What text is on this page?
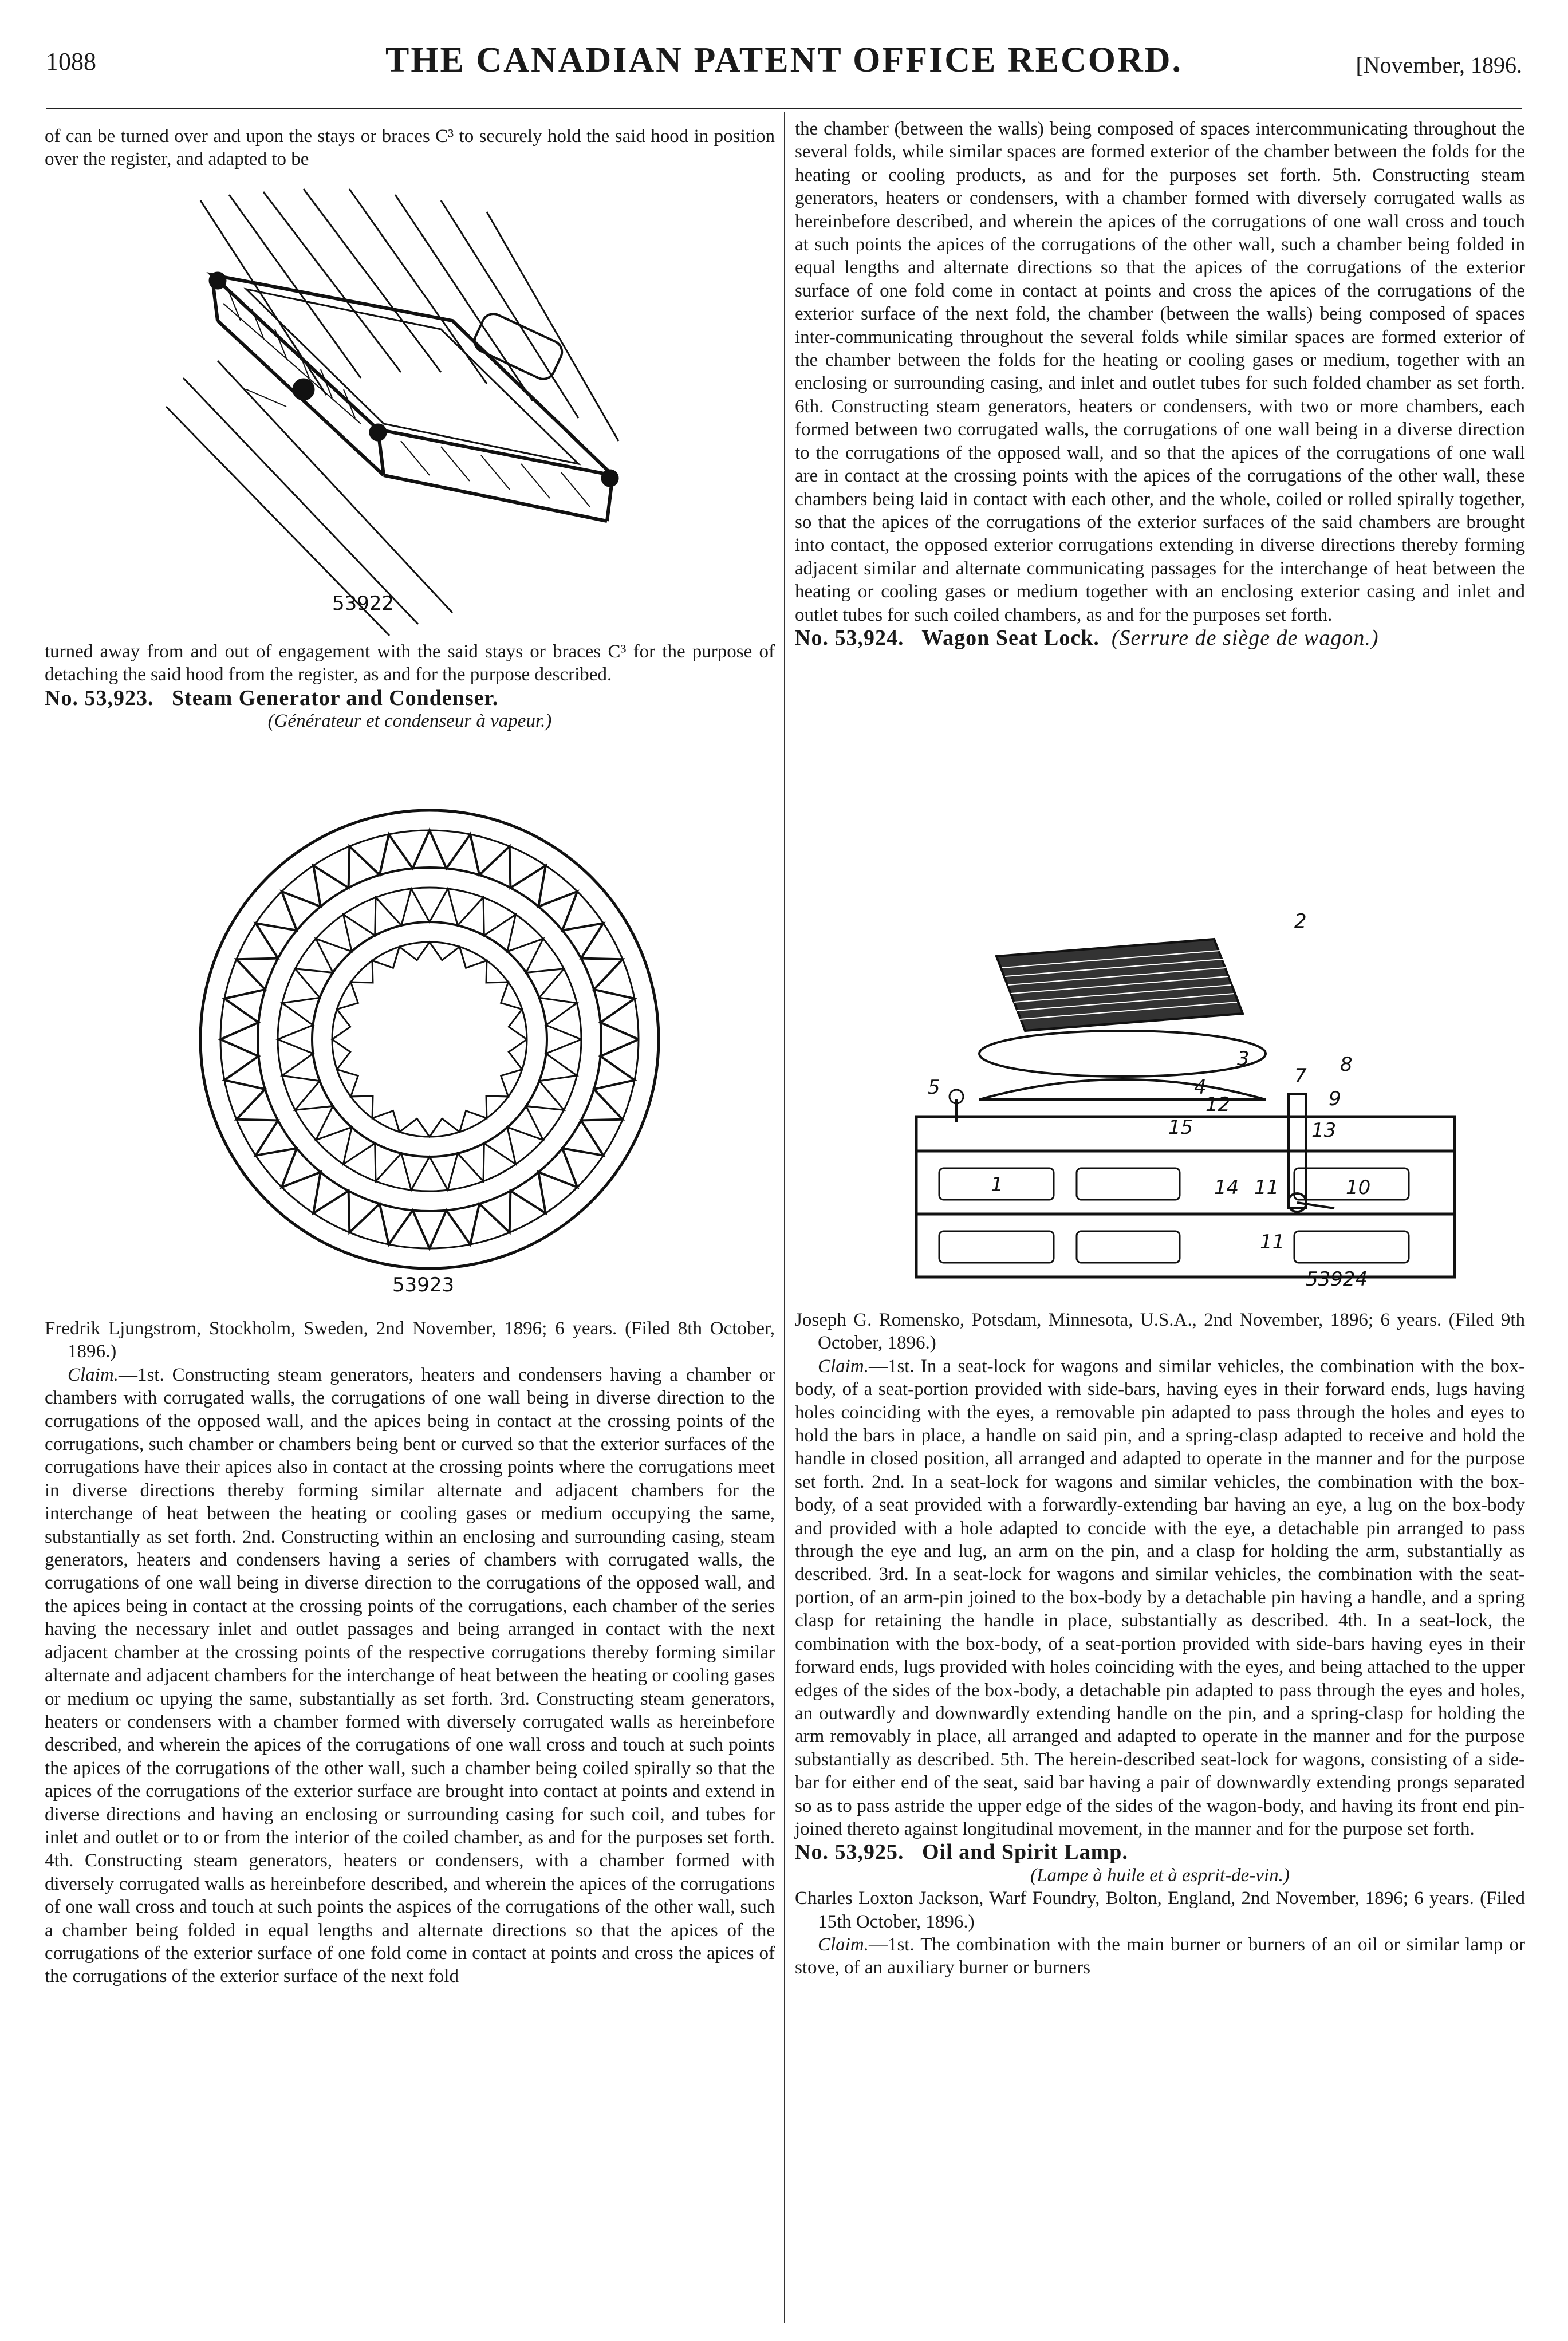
1088	THE CANADIAN PATENT OFFICE RECORD.	[November, 1896.

of can be turned over and upon the stays or braces C³ to securely hold the said hood in position over the register, and adapted to be

53922

turned away from and out of engagement with the said stays or braces C³ for the purpose of detaching the said hood from the register, as and for the purpose described.

No. 53,923. Steam Generator and Condenser.

(Générateur et condenseur à vapeur.)

53923

Fredrik Ljungstrom, Stockholm, Sweden, 2nd November, 1896; 6 years. (Filed 8th October, 1896.)

Claim.—1st. Constructing steam generators, heaters and condensers having a chamber or chambers with corrugated walls, the corrugations of one wall being in diverse direction to the corrugations of the opposed wall, and the apices being in contact at the crossing points of the corrugations, such chamber or chambers being bent or curved so that the exterior surfaces of the corrugations have their apices also in contact at the crossing points where the corrugations meet in diverse directions thereby forming similar alternate and adjacent chambers for the interchange of heat between the heating or cooling gases or medium occupying the same, substantially as set forth. 2nd. Constructing within an enclosing and surrounding casing, steam generators, heaters and condensers having a series of chambers with corrugated walls, the corrugations of one wall being in diverse direction to the corrugations of the opposed wall, and the apices being in contact at the crossing points of the corrugations, each chamber of the series having the necessary inlet and outlet passages and being arranged in contact with the next adjacent chamber at the crossing points of the respective corrugations thereby forming similar alternate and adjacent chambers for the interchange of heat between the heating or cooling gases or medium oc upying the same, substantially as set forth. 3rd. Constructing steam generators, heaters or condensers with a chamber formed with diversely corrugated walls as hereinbefore described, and wherein the apices of the corrugations of one wall cross and touch at such points the apices of the corrugations of the other wall, such a chamber being coiled spirally so that the apices of the corrugations of the exterior surface are brought into contact at points and extend in diverse directions and having an enclosing or surrounding casing for such coil, and tubes for inlet and outlet or to or from the interior of the coiled chamber, as and for the purposes set forth. 4th. Constructing steam generators, heaters or condensers, with a chamber formed with diversely corrugated walls as hereinbefore described, and wherein the apices of the corrugations of one wall cross and touch at such points the aspices of the corrugations of the other wall, such a chamber being folded in equal lengths and alternate directions so that the apices of the corrugations of the exterior surface of one fold come in contact at points and cross the apices of the corrugations of the exterior surface of the next fold

the chamber (between the walls) being composed of spaces intercommunicating throughout the several folds, while similar spaces are formed exterior of the chamber between the folds for the heating or cooling products, as and for the purposes set forth. 5th. Constructing steam generators, heaters or condensers, with a chamber formed with diversely corrugated walls as hereinbefore described, and wherein the apices of the corrugations of one wall cross and touch at such points the apices of the corrugations of the other wall, such a chamber being folded in equal lengths and alternate directions so that the apices of the corrugations of the exterior surface of one fold come in contact at points and cross the apices of the corrugations of the exterior surface of the next fold, the chamber (between the walls) being composed of spaces inter-communicating throughout the several folds while similar spaces are formed exterior of the chamber between the folds for the heating or cooling gases or medium, together with an enclosing or surrounding casing, and inlet and outlet tubes for such folded chamber as set forth. 6th. Constructing steam generators, heaters or condensers, with two or more chambers, each formed between two corrugated walls, the corrugations of one wall being in a diverse direction to the corrugations of the opposed wall, and so that the apices of the corrugations of one wall are in contact at the crossing points with the apices of the corrugations of the other wall, these chambers being laid in contact with each other, and the whole, coiled or rolled spirally together, so that the apices of the corrugations of the exterior surfaces of the said chambers are brought into contact, the opposed exterior corrugations extending in diverse directions thereby forming adjacent similar and alternate communicating passages for the interchange of heat between the heating or cooling gases or medium together with an enclosing exterior casing and inlet and outlet tubes for such coiled chambers, as and for the purposes set forth.

No. 53,924. Wagon Seat Lock. (Serrure de siège de wagon.)

2
3
5	4	7 8
9
12
15	13
1	14 11	10
11
53924

Joseph G. Romensko, Potsdam, Minnesota, U.S.A., 2nd November, 1896; 6 years. (Filed 9th October, 1896.)

Claim.—1st. In a seat-lock for wagons and similar vehicles, the combination with the box-body, of a seat-portion provided with side-bars, having eyes in their forward ends, lugs having holes coinciding with the eyes, a removable pin adapted to pass through the holes and eyes to hold the bars in place, a handle on said pin, and a spring-clasp adapted to receive and hold the handle in closed position, all arranged and adapted to operate in the manner and for the purpose set forth. 2nd. In a seat-lock for wagons and similar vehicles, the combination with the box-body, of a seat provided with a forwardly-extending bar having an eye, a lug on the box-body and provided with a hole adapted to concide with the eye, a detachable pin arranged to pass through the eye and lug, an arm on the pin, and a clasp for holding the arm, substantially as described. 3rd. In a seat-lock for wagons and similar vehicles, the combination with the seat-portion, of an arm-pin joined to the box-body by a detachable pin having a handle, and a spring clasp for retaining the handle in place, substantially as described. 4th. In a seat-lock, the combination with the box-body, of a seat-portion provided with side-bars having eyes in their forward ends, lugs provided with holes coinciding with the eyes, and being attached to the upper edges of the sides of the box-body, a detachable pin adapted to pass through the eyes and holes, an outwardly and downwardly extending handle on the pin, and a spring-clasp for holding the arm removably in place, all arranged and adapted to operate in the manner and for the purpose substantially as described. 5th. The herein-described seat-lock for wagons, consisting of a side-bar for either end of the seat, said bar having a pair of downwardly extending prongs separated so as to pass astride the upper edge of the sides of the wagon-body, and having its front end pin-joined thereto against longitudinal movement, in the manner and for the purpose set forth.

No. 53,925. Oil and Spirit Lamp.

(Lampe à huile et à esprit-de-vin.)

Charles Loxton Jackson, Warf Foundry, Bolton, England, 2nd November, 1896; 6 years. (Filed 15th October, 1896.)

Claim.—1st. The combination with the main burner or burners of an oil or similar lamp or stove, of an auxiliary burner or burners
